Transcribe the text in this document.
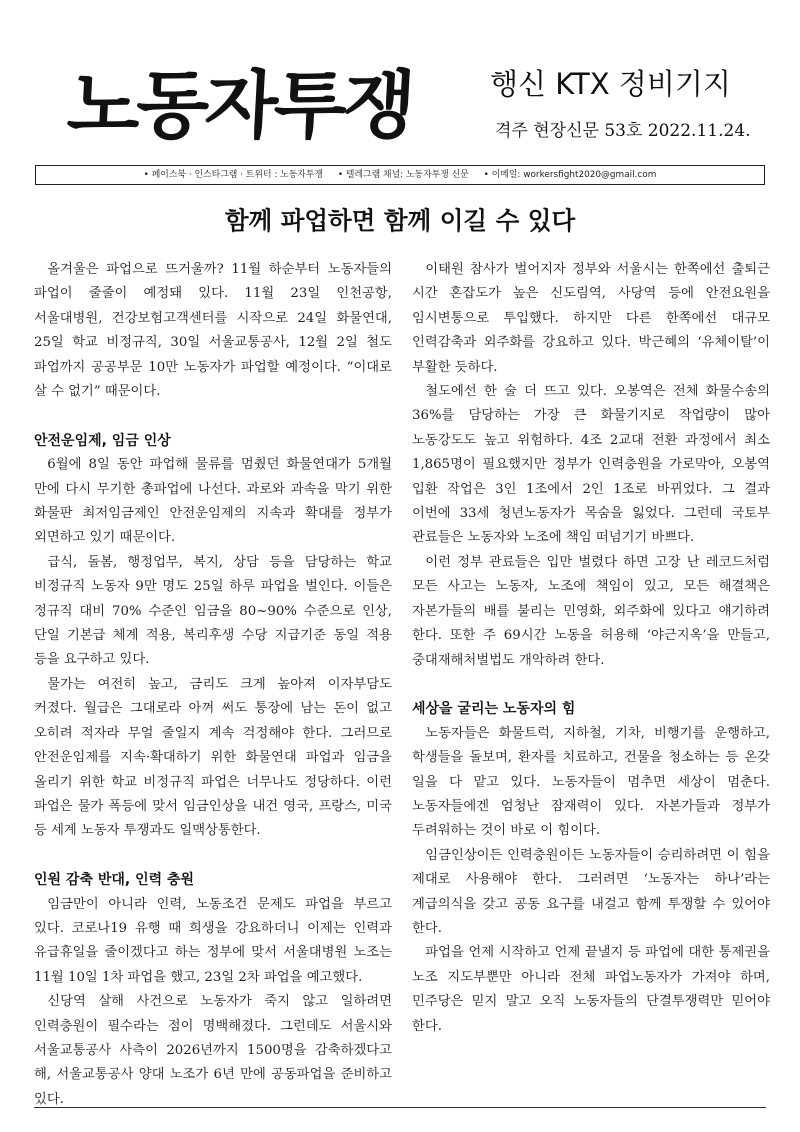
노동자투쟁	행신 KTX 정비기지
격주 현장신문 53호 2022.11.24.
• 페이스북 · 인스타그램 · 트위터 : 노동자투쟁 • 텔레그램 채널: 노동자투쟁 신문 • 이메일: workersfight2020@gmail.com
함께 파업하면 함께 이길 수 있다

올겨울은 파업으로 뜨거울까? 11월 하순부터 노동자들의 파업이 줄줄이 예정돼 있다. 11월 23일 인천공항, 서울대병원, 건강보험고객센터를 시작으로 24일 화물연대, 25일 학교 비정규직, 30일 서울교통공사, 12월 2일 철도 파업까지 공공부문 10만 노동자가 파업할 예정이다. “이대로 살 수 없기” 때문이다.

안전운임제, 임금 인상

6월에 8일 동안 파업해 물류를 멈췄던 화물연대가 5개월 만에 다시 무기한 총파업에 나선다. 과로와 과속을 막기 위한 화물판 최저임금제인 안전운임제의 지속과 확대를 정부가 외면하고 있기 때문이다.

급식, 돌봄, 행정업무, 복지, 상담 등을 담당하는 학교 비정규직 노동자 9만 명도 25일 하루 파업을 벌인다. 이들은 정규직 대비 70% 수준인 임금을 80~90% 수준으로 인상, 단일 기본급 체계 적용, 복리후생 수당 지급기준 동일 적용 등을 요구하고 있다.

물가는 여전히 높고, 금리도 크게 높아져 이자부담도 커졌다. 월급은 그대로라 아껴 써도 통장에 남는 돈이 없고 오히려 적자라 무얼 줄일지 계속 걱정해야 한다. 그러므로 안전운임제를 지속·확대하기 위한 화물연대 파업과 임금을 올리기 위한 학교 비정규직 파업은 너무나도 정당하다. 이런 파업은 물가 폭등에 맞서 임금인상을 내건 영국, 프랑스, 미국 등 세계 노동자 투쟁과도 일맥상통한다.

인원 감축 반대, 인력 충원

임금만이 아니라 인력, 노동조건 문제도 파업을 부르고 있다. 코로나19 유행 때 희생을 강요하더니 이제는 인력과 유급휴일을 줄이겠다고 하는 정부에 맞서 서울대병원 노조는 11월 10일 1차 파업을 했고, 23일 2차 파업을 예고했다.

신당역 살해 사건으로 노동자가 죽지 않고 일하려면 인력충원이 필수라는 점이 명백해졌다. 그런데도 서울시와 서울교통공사 사측이 2026년까지 1500명을 감축하겠다고 해, 서울교통공사 양대 노조가 6년 만에 공동파업을 준비하고 있다.

이태원 참사가 벌어지자 정부와 서울시는 한쪽에선 출퇴근 시간 혼잡도가 높은 신도림역, 사당역 등에 안전요원을 임시변통으로 투입했다. 하지만 다른 한쪽에선 대규모 인력감축과 외주화를 강요하고 있다. 박근혜의 ‘유체이탈’이 부활한 듯하다.

철도에선 한 술 더 뜨고 있다. 오봉역은 전체 화물수송의 36%를 담당하는 가장 큰 화물기지로 작업량이 많아 노동강도도 높고 위험하다. 4조 2교대 전환 과정에서 최소 1,865명이 필요했지만 정부가 인력충원을 가로막아, 오봉역 입환 작업은 3인 1조에서 2인 1조로 바뀌었다. 그 결과 이번에 33세 청년노동자가 목숨을 잃었다. 그런데 국토부 관료들은 노동자와 노조에 책임 떠넘기기 바쁘다.

이런 정부 관료들은 입만 벌렸다 하면 고장 난 레코드처럼 모든 사고는 노동자, 노조에 책임이 있고, 모든 해결책은 자본가들의 배를 불리는 민영화, 외주화에 있다고 얘기하려 한다. 또한 주 69시간 노동을 허용해 ‘야근지옥’을 만들고, 중대재해처벌법도 개악하려 한다.

세상을 굴리는 노동자의 힘

노동자들은 화물트럭, 지하철, 기차, 비행기를 운행하고, 학생들을 돌보며, 환자를 치료하고, 건물을 청소하는 등 온갖 일을 다 맡고 있다. 노동자들이 멈추면 세상이 멈춘다. 노동자들에겐 엄청난 잠재력이 있다. 자본가들과 정부가 두려워하는 것이 바로 이 힘이다.

임금인상이든 인력충원이든 노동자들이 승리하려면 이 힘을 제대로 사용해야 한다. 그러려면 ‘노동자는 하나’라는 계급의식을 갖고 공동 요구를 내걸고 함께 투쟁할 수 있어야 한다.

파업을 언제 시작하고 언제 끝낼지 등 파업에 대한 통제권을 노조 지도부뿐만 아니라 전체 파업노동자가 가져야 하며, 민주당은 믿지 말고 오직 노동자들의 단결투쟁력만 믿어야 한다.
